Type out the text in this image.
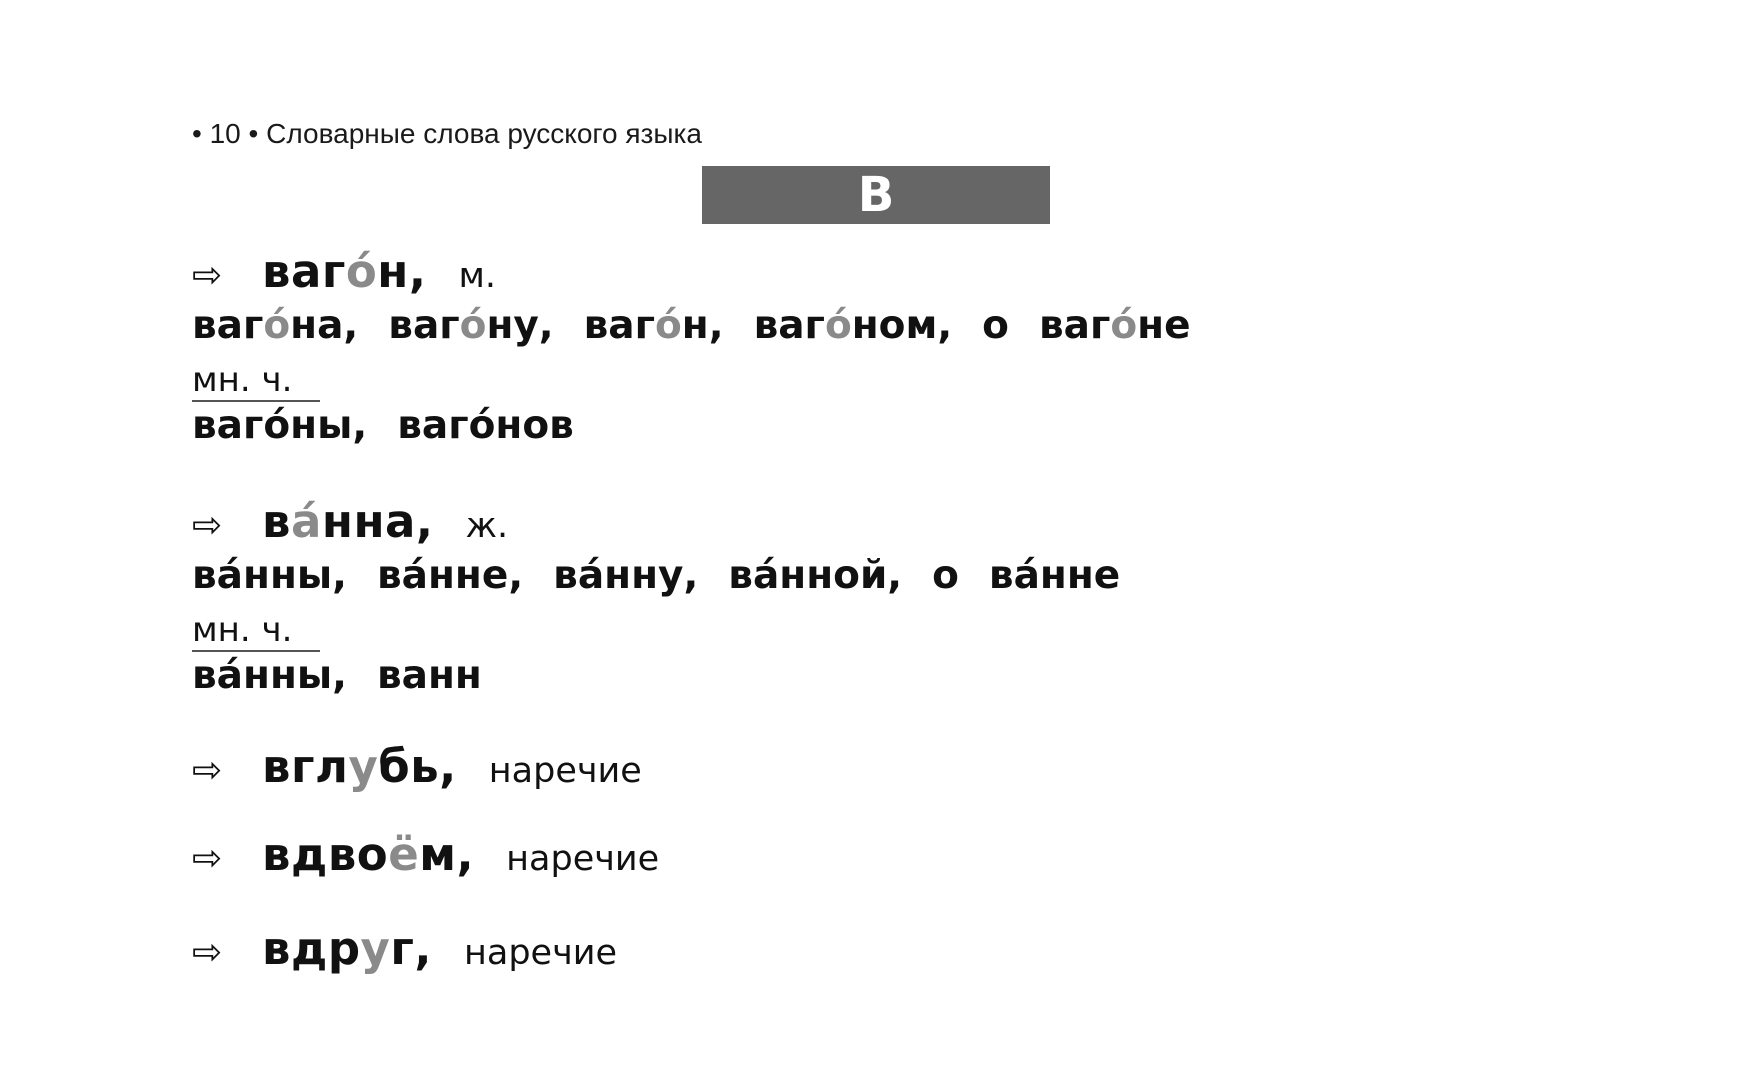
• 10 • Словарные слова русского языка
В
⇨ ваго́н, м.
ваго́на, ваго́ну, ваго́н, ваго́ном, о ваго́не
мн. ч.
ваго́ны, ваго́нов
⇨ ва́нна, ж.
ва́нны, ва́нне, ва́нну, ва́нной, о ва́нне
мн. ч.
ва́нны, ванн
⇨ вглубь, наречие
⇨ вдвоём, наречие
⇨ вдруг, наречие
